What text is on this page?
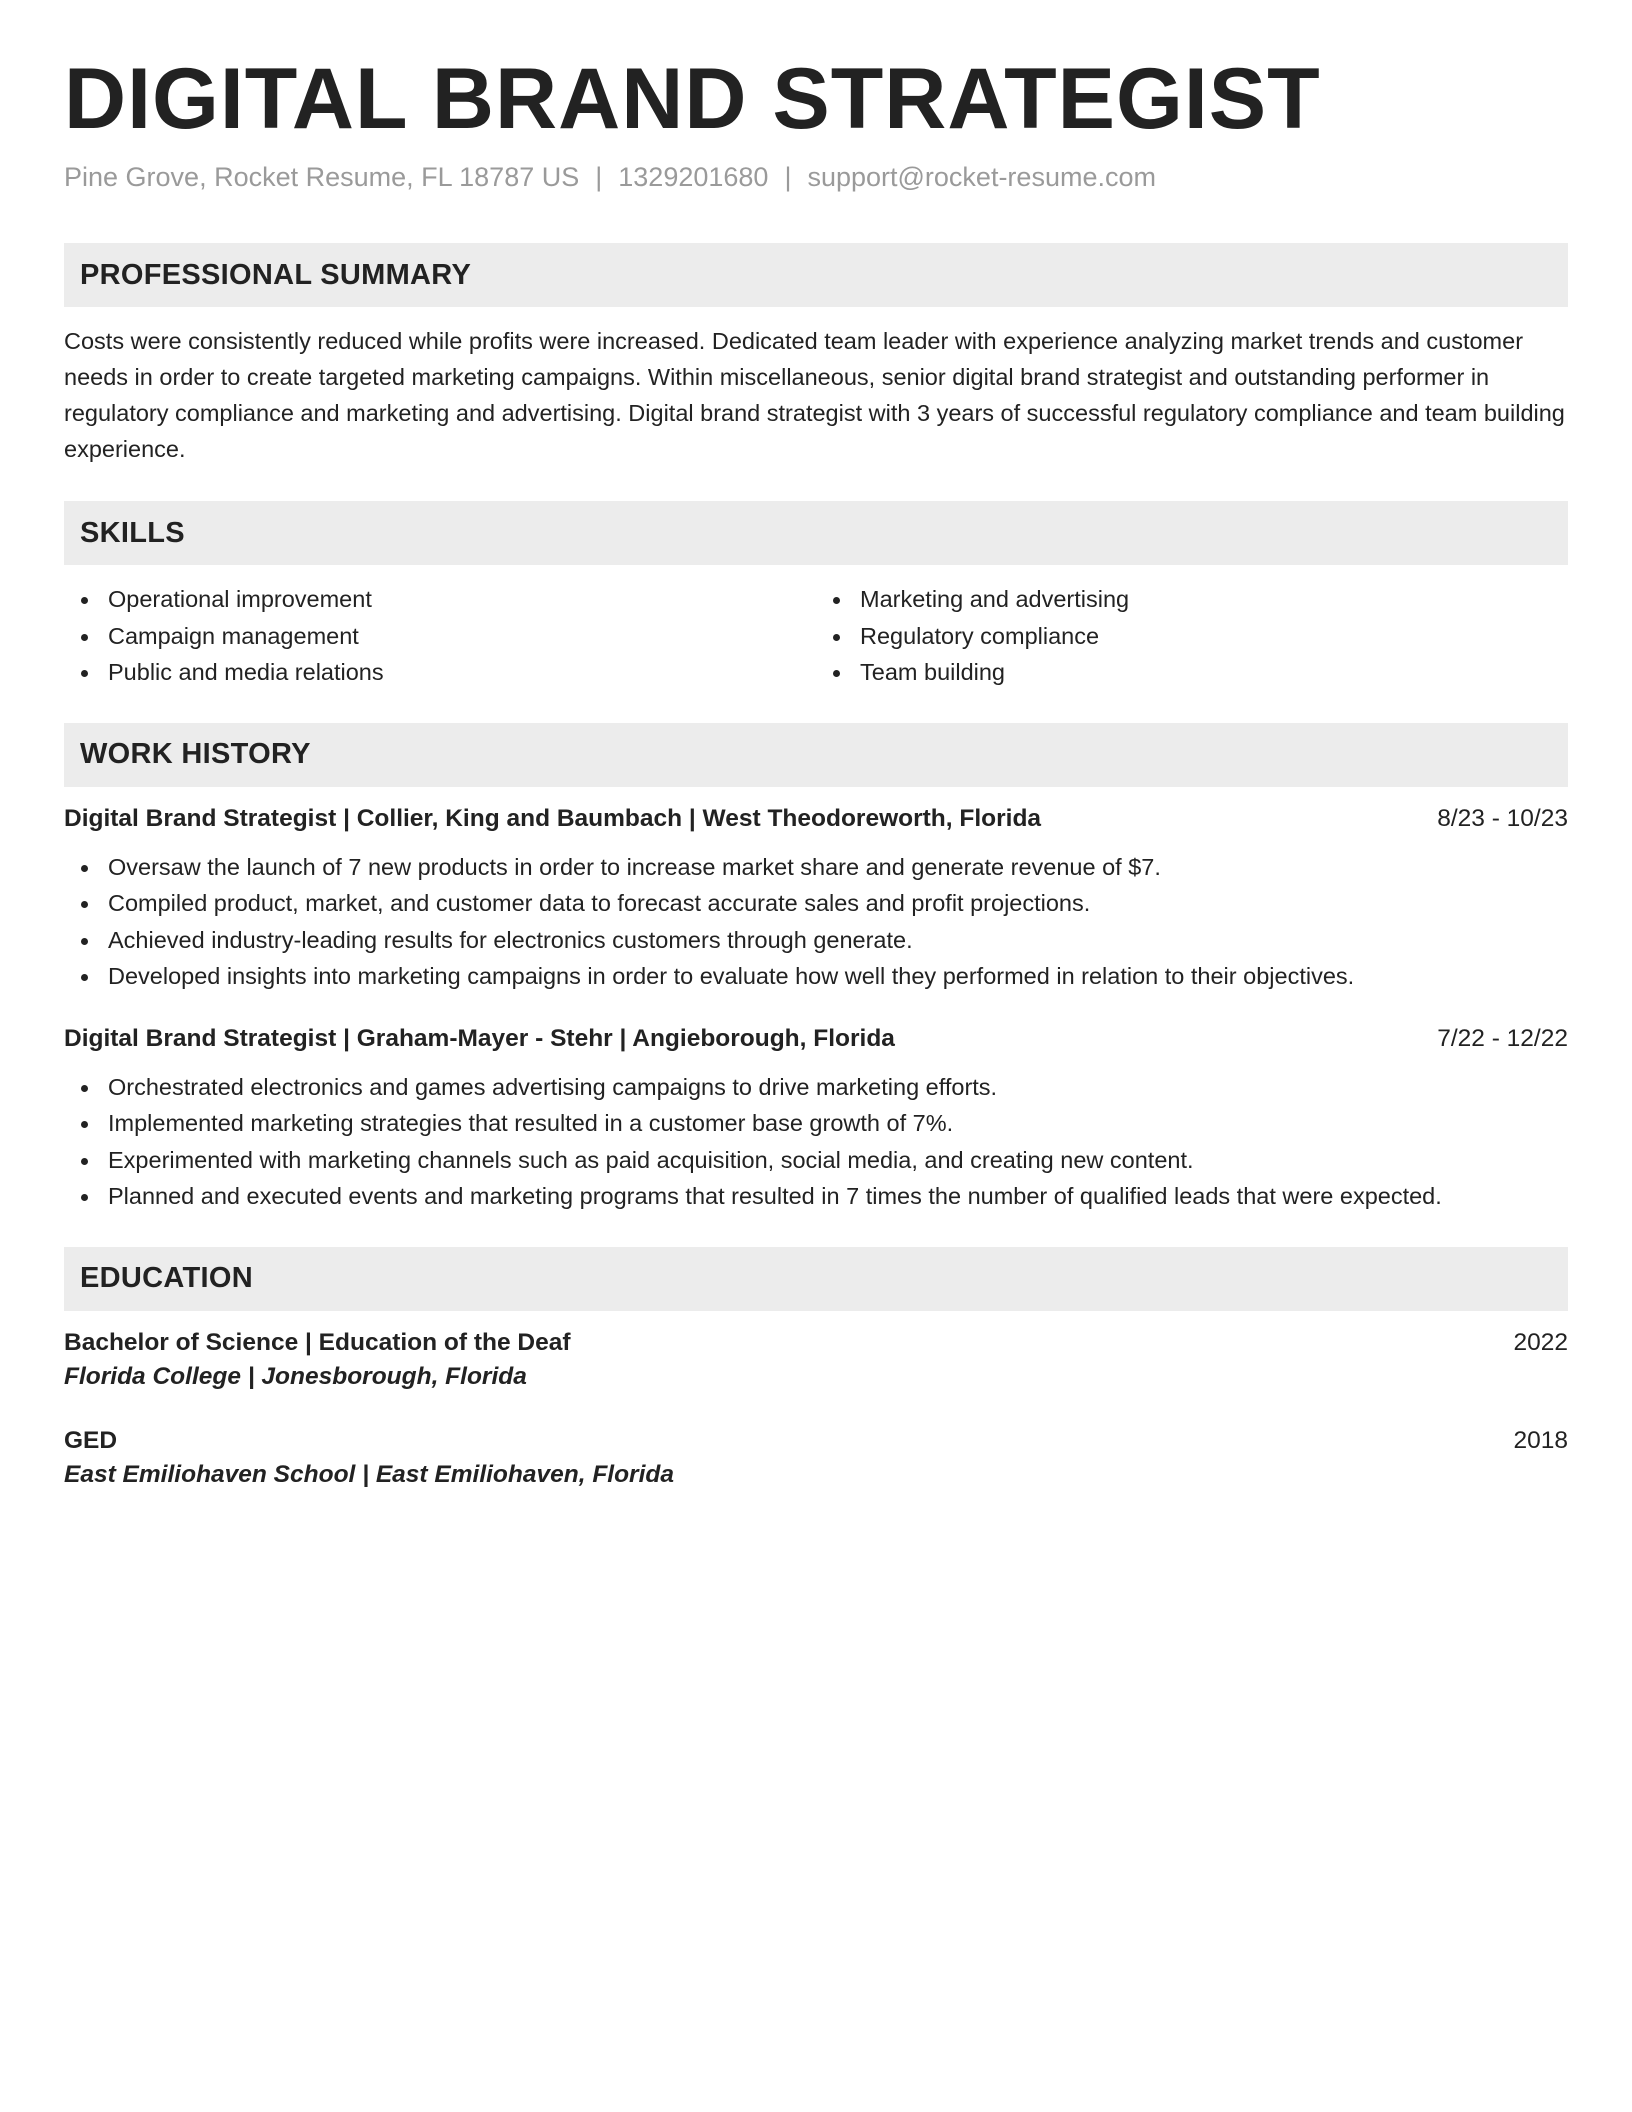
DIGITAL BRAND STRATEGIST
Pine Grove, Rocket Resume, FL 18787 US | 1329201680 | support@rocket-resume.com
PROFESSIONAL SUMMARY

Costs were consistently reduced while profits were increased. Dedicated team leader with experience analyzing market trends and customer needs in order to create targeted marketing campaigns. Within miscellaneous, senior digital brand strategist and outstanding performer in regulatory compliance and marketing and advertising. Digital brand strategist with 3 years of successful regulatory compliance and team building experience.

SKILLS
Operational improvement
Campaign management
Public and media relations
Marketing and advertising
Regulatory compliance
Team building
WORK HISTORY
Digital Brand Strategist | Collier, King and Baumbach | West Theodoreworth, Florida	8/23 - 10/23
Oversaw the launch of 7 new products in order to increase market share and generate revenue of $7.
Compiled product, market, and customer data to forecast accurate sales and profit projections.
Achieved industry-leading results for electronics customers through generate.
Developed insights into marketing campaigns in order to evaluate how well they performed in relation to their objectives.
Digital Brand Strategist | Graham-Mayer - Stehr | Angieborough, Florida	7/22 - 12/22
Orchestrated electronics and games advertising campaigns to drive marketing efforts.
Implemented marketing strategies that resulted in a customer base growth of 7%.
Experimented with marketing channels such as paid acquisition, social media, and creating new content.
Planned and executed events and marketing programs that resulted in 7 times the number of qualified leads that were expected.
EDUCATION
Bachelor of Science | Education of the Deaf	2022
Florida College | Jonesborough, Florida
GED	2018
East Emiliohaven School | East Emiliohaven, Florida
